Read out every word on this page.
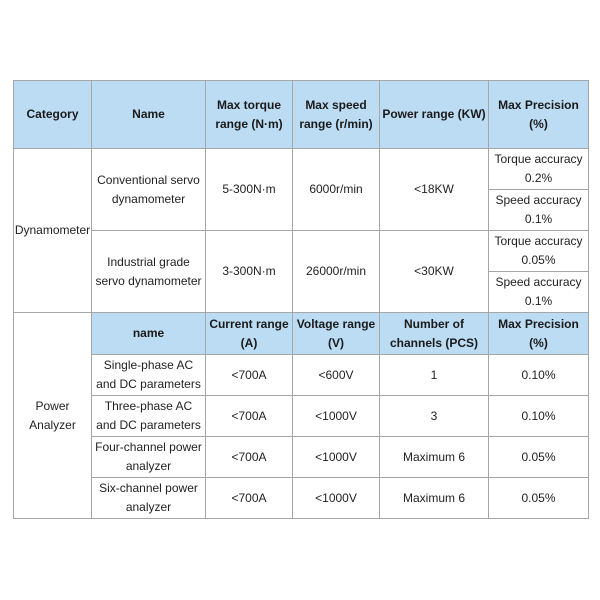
Category	Name	Max torque range (N·m)	Max speed range (r/min)	Power range (KW)	Max Precision (%)
Dynamometer	Conventional servo dynamometer	5-300N·m	6000r/min	<18KW	Torque accuracy 0.2%
					Speed accuracy 0.1%
	Industrial grade servo dynamometer	3-300N·m	26000r/min	<30KW	Torque accuracy 0.05%
					Speed accuracy 0.1%
Power Analyzer	name	Current range (A)	Voltage range (V)	Number of channels (PCS)	Max Precision (%)
	Single-phase AC and DC parameters	<700A	<600V	1	0.10%
	Three-phase AC and DC parameters	<700A	<1000V	3	0.10%
	Four-channel power analyzer	<700A	<1000V	Maximum 6	0.05%
	Six-channel power analyzer	<700A	<1000V	Maximum 6	0.05%
